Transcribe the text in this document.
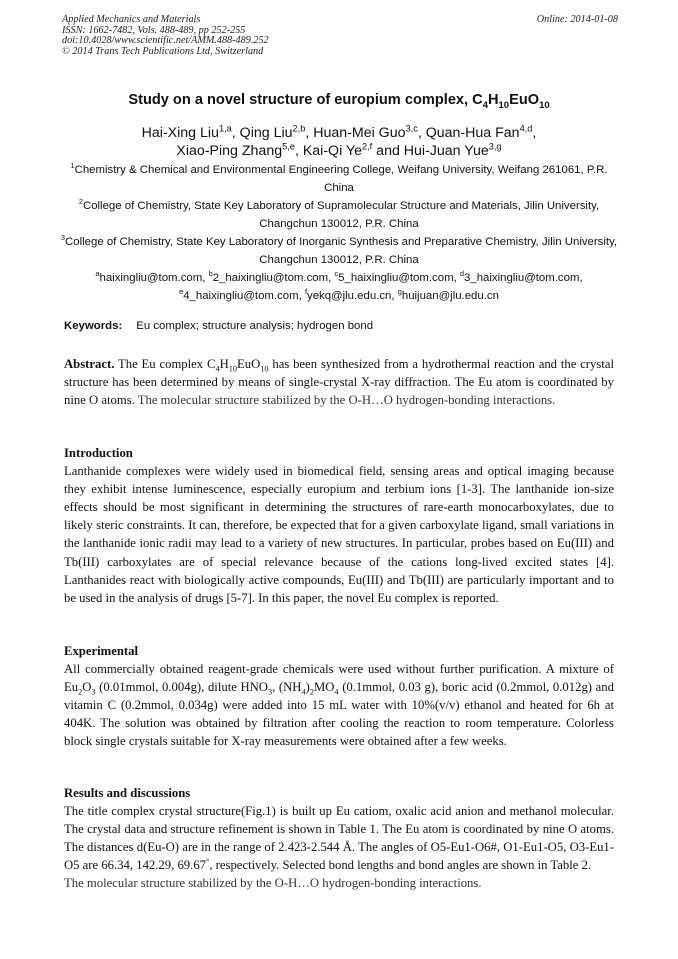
Applied Mechanics and Materials
ISSN: 1662-7482, Vols. 488-489, pp 252-255
doi:10.4028/www.scientific.net/AMM.488-489.252
© 2014 Trans Tech Publications Ltd, Switzerland
Online: 2014-01-08
Study on a novel structure of europium complex, $C_4H_{10}EuO_{10}$
Hai-Xing Liu$^{1,a}$, Qing Liu$^{2,b}$, Huan-Mei Guo$^{3,c}$, Quan-Hua Fan$^{4,d}$,
Xiao-Ping Zhang$^{5,e}$, Kai-Qi Ye$^{2,f}$ and Hui-Juan Yue$^{3,g}$

$^1$Chemistry & Chemical and Environmental Engineering College, Weifang University, Weifang 261061, P.R. China

$^2$College of Chemistry, State Key Laboratory of Supramolecular Structure and Materials, Jilin University, Changchun 130012, P.R. China

$^3$College of Chemistry, State Key Laboratory of Inorganic Synthesis and Preparative Chemistry, Jilin University, Changchun 130012, P.R. China

$^a$haixingliu@tom.com, $^b$2_haixingliu@tom.com, $^c$5_haixingliu@tom.com, $^d$3_haixingliu@tom.com,

$^e$4_haixingliu@tom.com, $^f$yekq@jlu.edu.cn, $^g$huijuan@jlu.edu.cn

Keywords: Eu complex; structure analysis; hydrogen bond

Abstract. The Eu complex $C_4H_{10}EuO_{10}$ has been synthesized from a hydrothermal reaction and the crystal structure has been determined by means of single-crystal X-ray diffraction. The Eu atom is coordinated by nine O atoms. The molecular structure stabilized by the O-H…O hydrogen-bonding interactions.

Introduction

Lanthanide complexes were widely used in biomedical field, sensing areas and optical imaging because they exhibit intense luminescence, especially europium and terbium ions [1-3]. The lanthanide ion-size effects should be most significant in determining the structures of rare-earth monocarboxylates, due to likely steric constraints. It can, therefore, be expected that for a given carboxylate ligand, small variations in the lanthanide ionic radii may lead to a variety of new structures. In particular, probes based on Eu(III) and Tb(III) carboxylates are of special relevance because of the cations long-lived excited states [4]. Lanthanides react with biologically active compounds, Eu(III) and Tb(III) are particularly important and to be used in the analysis of drugs [5-7]. In this paper, the novel Eu complex is reported.

Experimental

All commercially obtained reagent-grade chemicals were used without further purification. A mixture of $Eu_2O_3$ (0.01mmol, 0.004g), dilute $HNO_3$, $(NH_4)_2MO_4$ (0.1mmol, 0.03 g), boric acid (0.2mmol, 0.012g) and vitamin C (0.2mmol, 0.034g) were added into 15 mL water with 10%(v/v) ethanol and heated for 6h at 404K. The solution was obtained by filtration after cooling the reaction to room temperature. Colorless block single crystals suitable for X-ray measurements were obtained after a few weeks.

Results and discussions

The title complex crystal structure(Fig.1) is built up Eu catiom, oxalic acid anion and methanol molecular. The crystal data and structure refinement is shown in Table 1. The Eu atom is coordinated by nine O atoms. The distances d(Eu-O) are in the range of 2.423-2.544 Å. The angles of O5-Eu1-O6#, O1-Eu1-O5, O3-Eu1-O5 are 66.34, 142.29, 69.67°, respectively. Selected bond lengths and bond angles are shown in Table 2.

The molecular structure stabilized by the O-H…O hydrogen-bonding interactions.
